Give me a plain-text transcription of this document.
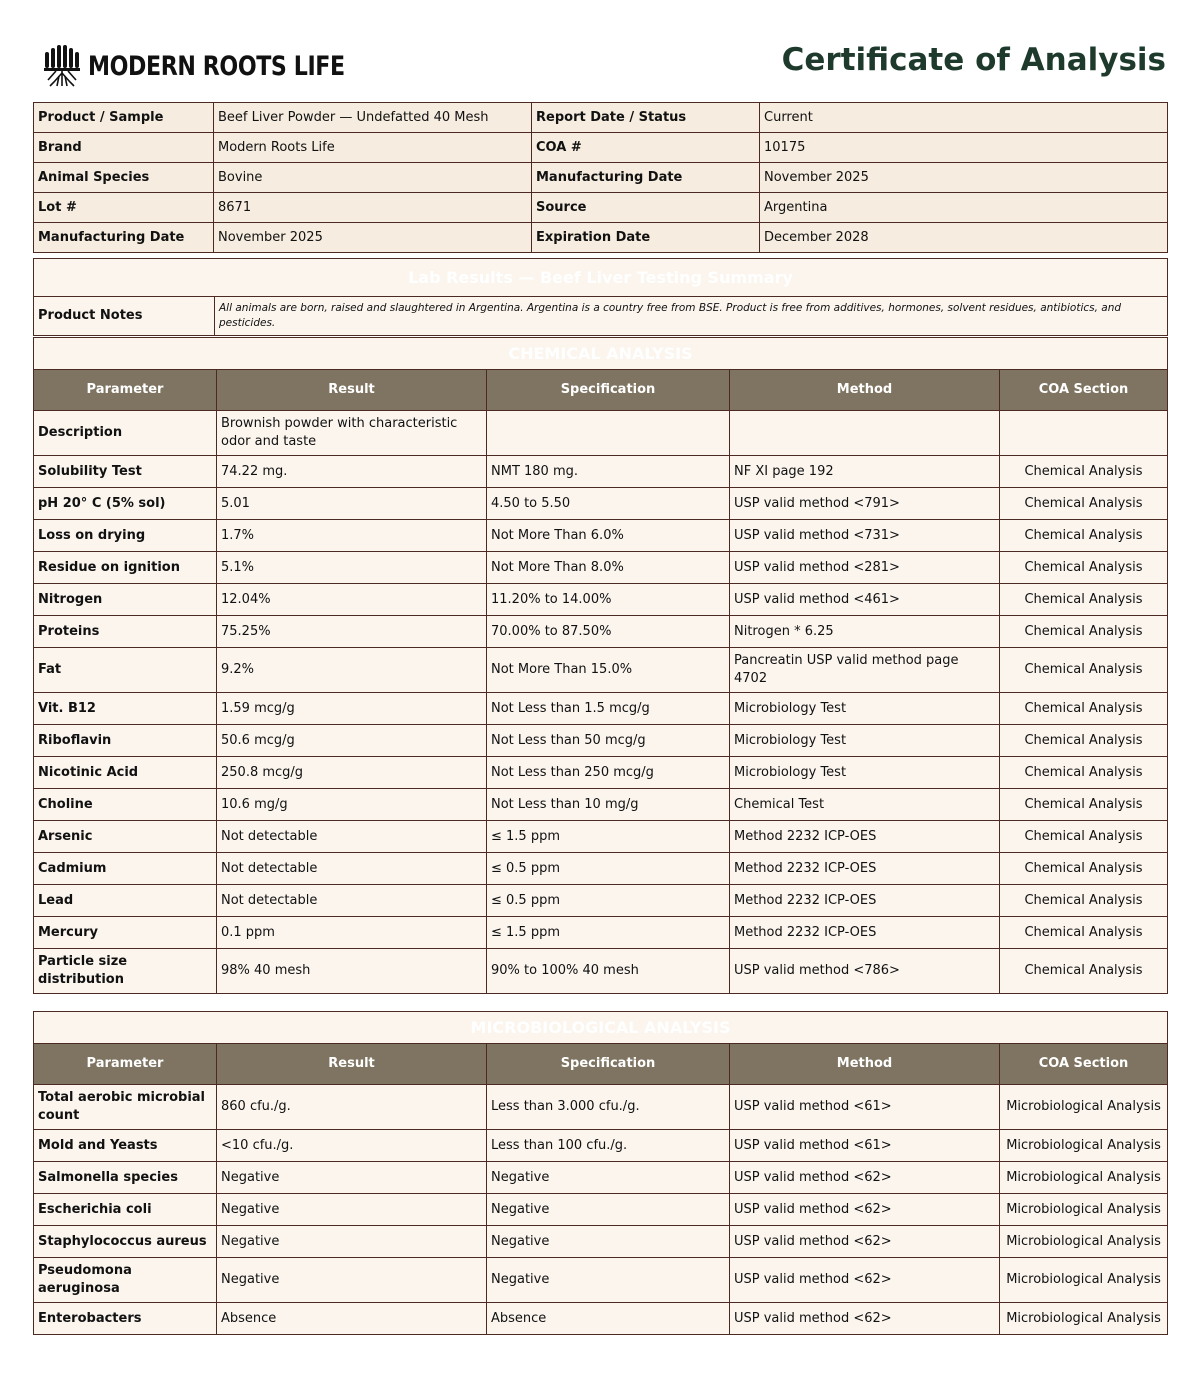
MODERN ROOTS LIFE	Certificate of Analysis
Product / Sample	Beef Liver Powder — Undefatted 40 Mesh	Report Date / Status	Current
Brand	Modern Roots Life	COA #	10175
Animal Species	Bovine	Manufacturing Date	November 2025
Lot #	8671	Source	Argentina
Manufacturing Date	November 2025	Expiration Date	December 2028
Lab Results — Beef Liver Testing Summary
Product Notes	All animals are born, raised and slaughtered in Argentina. Argentina is a country free from BSE. Product is free from additives, hormones, solvent residues, antibiotics, and pesticides.
CHEMICAL ANALYSIS				
Parameter	Result	Specification	Method	COA Section
Description	Brownish powder with characteristic odor and taste			
Solubility Test	74.22 mg.	NMT 180 mg.	NF XI page 192	Chemical Analysis
pH 20° C (5% sol)	5.01	4.50 to 5.50	USP valid method <791>	Chemical Analysis
Loss on drying	1.7%	Not More Than 6.0%	USP valid method <731>	Chemical Analysis
Residue on ignition	5.1%	Not More Than 8.0%	USP valid method <281>	Chemical Analysis
Nitrogen	12.04%	11.20% to 14.00%	USP valid method <461>	Chemical Analysis
Proteins	75.25%	70.00% to 87.50%	Nitrogen * 6.25	Chemical Analysis
Fat	9.2%	Not More Than 15.0%	Pancreatin USP valid method page 4702	Chemical Analysis
Vit. B12	1.59 mcg/g	Not Less than 1.5 mcg/g	Microbiology Test	Chemical Analysis
Riboflavin	50.6 mcg/g	Not Less than 50 mcg/g	Microbiology Test	Chemical Analysis
Nicotinic Acid	250.8 mcg/g	Not Less than 250 mcg/g	Microbiology Test	Chemical Analysis
Choline	10.6 mg/g	Not Less than 10 mg/g	Chemical Test	Chemical Analysis
Arsenic	Not detectable	≤ 1.5 ppm	Method 2232 ICP-OES	Chemical Analysis
Cadmium	Not detectable	≤ 0.5 ppm	Method 2232 ICP-OES	Chemical Analysis
Lead	Not detectable	≤ 0.5 ppm	Method 2232 ICP-OES	Chemical Analysis
Mercury	0.1 ppm	≤ 1.5 ppm	Method 2232 ICP-OES	Chemical Analysis
Particle size distribution	98% 40 mesh	90% to 100% 40 mesh	USP valid method <786>	Chemical Analysis
MICROBIOLOGICAL ANALYSIS				
Parameter	Result	Specification	Method	COA Section
Total aerobic microbial count	860 cfu./g.	Less than 3.000 cfu./g.	USP valid method <61>	Microbiological Analysis
Mold and Yeasts	<10 cfu./g.	Less than 100 cfu./g.	USP valid method <61>	Microbiological Analysis
Salmonella species	Negative	Negative	USP valid method <62>	Microbiological Analysis
Escherichia coli	Negative	Negative	USP valid method <62>	Microbiological Analysis
Staphylococcus aureus	Negative	Negative	USP valid method <62>	Microbiological Analysis
Pseudomona aeruginosa	Negative	Negative	USP valid method <62>	Microbiological Analysis
Enterobacters	Absence	Absence	USP valid method <62>	Microbiological Analysis
